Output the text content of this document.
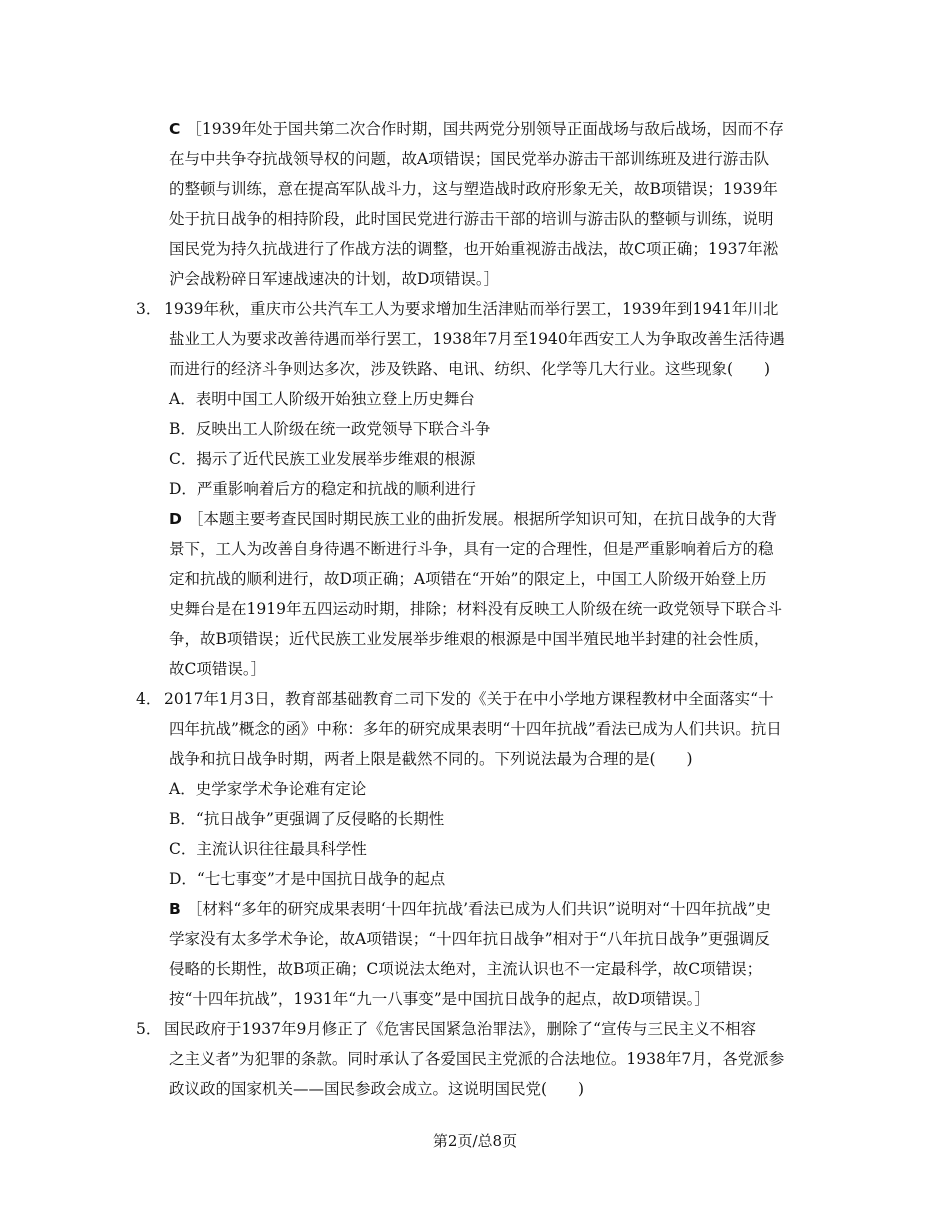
C ［1939年处于国共第二次合作时期，国共两党分别领导正面战场与敌后战场，因而不存
在与中共争夺抗战领导权的问题，故A项错误；国民党举办游击干部训练班及进行游击队
的整顿与训练，意在提高军队战斗力，这与塑造战时政府形象无关，故B项错误；1939年
处于抗日战争的相持阶段，此时国民党进行游击干部的培训与游击队的整顿与训练，说明
国民党为持久抗战进行了作战方法的调整，也开始重视游击战法，故C项正确；1937年淞
沪会战粉碎日军速战速决的计划，故D项错误。］
3． 1939年秋，重庆市公共汽车工人为要求增加生活津贴而举行罢工，1939年到1941年川北
盐业工人为要求改善待遇而举行罢工，1938年7月至1940年西安工人为争取改善生活待遇
而进行的经济斗争则达多次，涉及铁路、电讯、纺织、化学等几大行业。这些现象(　　)
A．表明中国工人阶级开始独立登上历史舞台
B．反映出工人阶级在统一政党领导下联合斗争
C．揭示了近代民族工业发展举步维艰的根源
D．严重影响着后方的稳定和抗战的顺利进行
D ［本题主要考查民国时期民族工业的曲折发展。根据所学知识可知，在抗日战争的大背
景下，工人为改善自身待遇不断进行斗争，具有一定的合理性，但是严重影响着后方的稳
定和抗战的顺利进行，故D项正确；A项错在“开始”的限定上，中国工人阶级开始登上历
史舞台是在1919年五四运动时期，排除；材料没有反映工人阶级在统一政党领导下联合斗
争，故B项错误；近代民族工业发展举步维艰的根源是中国半殖民地半封建的社会性质，
故C项错误。］
4． 2017年1月3日，教育部基础教育二司下发的《关于在中小学地方课程教材中全面落实“十
四年抗战”概念的函》中称：多年的研究成果表明“十四年抗战”看法已成为人们共识。抗日
战争和抗日战争时期，两者上限是截然不同的。下列说法最为合理的是(　　)
A．史学家学术争论难有定论
B．“抗日战争”更强调了反侵略的长期性
C．主流认识往往最具科学性
D．“七七事变”才是中国抗日战争的起点
B ［材料“多年的研究成果表明‘十四年抗战’看法已成为人们共识”说明对“十四年抗战”史
学家没有太多学术争论，故A项错误；“十四年抗日战争”相对于“八年抗日战争”更强调反
侵略的长期性，故B项正确；C项说法太绝对，主流认识也不一定最科学，故C项错误；
按“十四年抗战”，1931年“九一八事变”是中国抗日战争的起点，故D项错误。］
5． 国民政府于1937年9月修正了《危害民国紧急治罪法》，删除了“宣传与三民主义不相容
之主义者”为犯罪的条款。同时承认了各爱国民主党派的合法地位。1938年7月，各党派参
政议政的国家机关——国民参政会成立。这说明国民党(　　)
第2页/总8页
